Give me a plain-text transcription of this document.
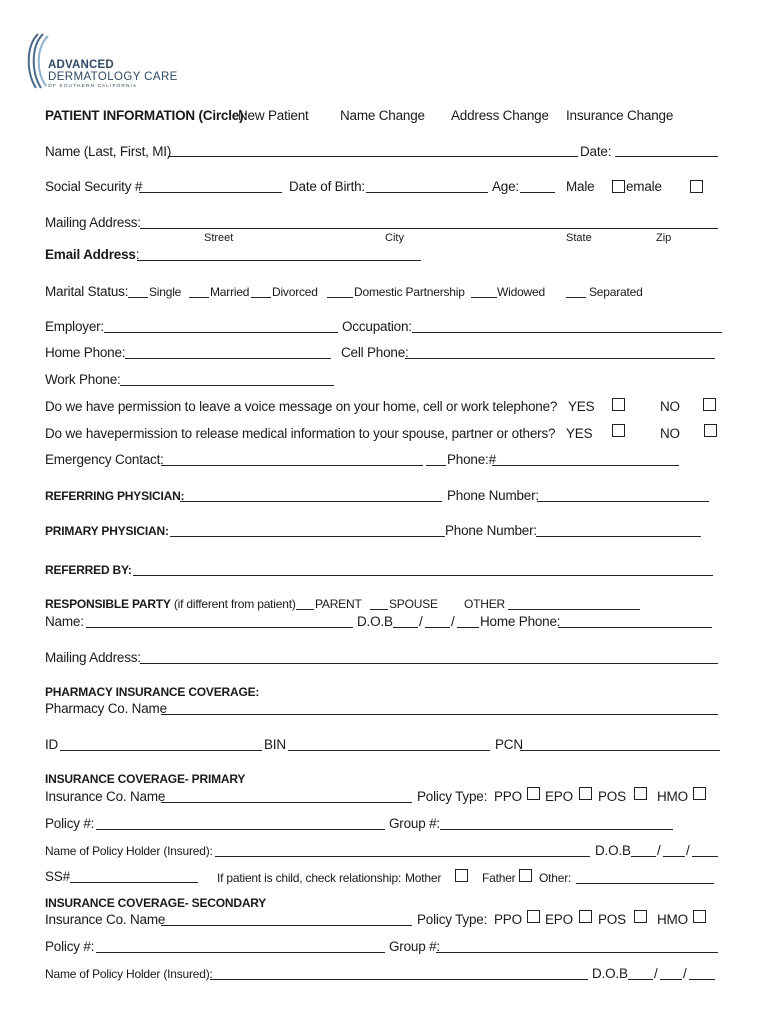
ADVANCED
DERMATOLOGY CARE
OF SOUTHERN CALIFORNIA
PATIENT INFORMATION (Circle):
New Patient Name Change Address Change Insurance Change
Name (Last, First, MI)	Date:
Social Security #	Date of Birth:	Age:	Male emale
Mailing Address:
Street	City	State	Zip
Email Address:
Marital Status: Single Married Divorced	Domestic Partnership	Widowed	Separated
Employer:	Occupation:
Home Phone:	Cell Phone:
Work Phone:
Do we have permission to leave a voice message on your home, cell or work telephone? YES	NO
Do we havepermission to release medical information to your spouse, partner or others? YES	NO
Emergency Contact:	Phone:#
REFERRING PHYSICIAN:	Phone Number:
PRIMARY PHYSICIAN:	Phone Number:
REFERRED BY:
RESPONSIBLE PARTY (if different from patient) PARENT SPOUSE OTHER
Name:	D.O.B / / Home Phone:
Mailing Address:
PHARMACY INSURANCE COVERAGE:
Pharmacy Co. Name
ID	BIN	PCN
INSURANCE COVERAGE- PRIMARY
Insurance Co. Name	Policy Type: PPO EPO POS HMO
Policy #:	Group #:
Name of Policy Holder (Insured):	D.O.B / /
SS#	If patient is child, check relationship: Mother	Father Other:
INSURANCE COVERAGE- SECONDARY
Insurance Co. Name	Policy Type: PPO EPO POS HMO
Policy #:	Group #:
Name of Policy Holder (Insured):	D.O.B / /
